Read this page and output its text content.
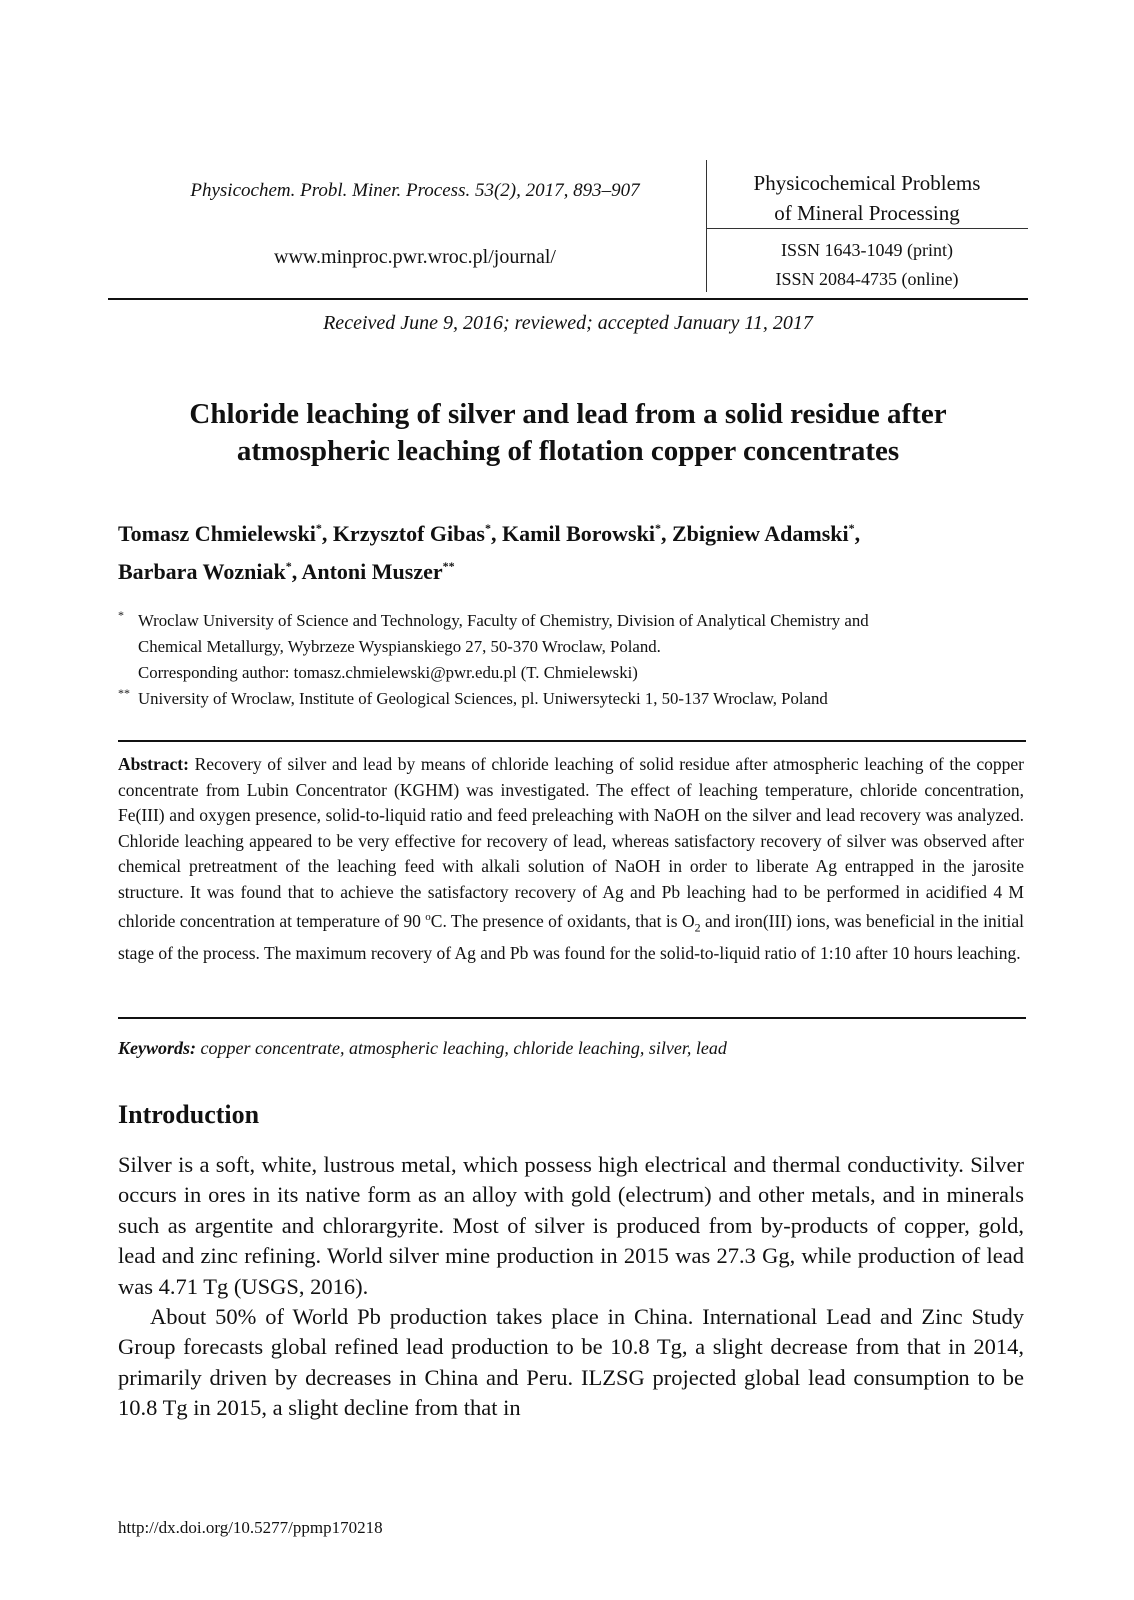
Physicochem. Probl. Miner. Process. 53(2), 2017, 893–907
www.minproc.pwr.wroc.pl/journal/
Physicochemical Problems
of Mineral Processing
ISSN 1643-1049 (print)
ISSN 2084-4735 (online)
Received June 9, 2016; reviewed; accepted January 11, 2017
Chloride leaching of silver and lead from a solid residue after
atmospheric leaching of flotation copper concentrates
Tomasz Chmielewski*, Krzysztof Gibas*, Kamil Borowski*, Zbigniew Adamski*,
Barbara Wozniak*, Antoni Muszer**
* Wroclaw University of Science and Technology, Faculty of Chemistry, Division of Analytical Chemistry and
Chemical Metallurgy, Wybrzeze Wyspianskiego 27, 50-370 Wroclaw, Poland.
Corresponding author: tomasz.chmielewski@pwr.edu.pl (T. Chmielewski)
** University of Wroclaw, Institute of Geological Sciences, pl. Uniwersytecki 1, 50-137 Wroclaw, Poland
Abstract: Recovery of silver and lead by means of chloride leaching of solid residue after atmospheric leaching of the copper concentrate from Lubin Concentrator (KGHM) was investigated. The effect of leaching temperature, chloride concentration, Fe(III) and oxygen presence, solid-to-liquid ratio and feed preleaching with NaOH on the silver and lead recovery was analyzed. Chloride leaching appeared to be very effective for recovery of lead, whereas satisfactory recovery of silver was observed after chemical pretreatment of the leaching feed with alkali solution of NaOH in order to liberate Ag entrapped in the jarosite structure. It was found that to achieve the satisfactory recovery of Ag and Pb leaching had to be performed in acidified 4 M chloride concentration at temperature of 90 $^o$C. The presence of oxidants, that is $O_2$ and iron(III) ions, was beneficial in the initial stage of the process. The maximum recovery of Ag and Pb was found for the solid-to-liquid ratio of 1:10 after 10 hours leaching.
Keywords: copper concentrate, atmospheric leaching, chloride leaching, silver, lead
Introduction

Silver is a soft, white, lustrous metal, which possess high electrical and thermal conductivity. Silver occurs in ores in its native form as an alloy with gold (electrum) and other metals, and in minerals such as argentite and chlorargyrite. Most of silver is produced from by-products of copper, gold, lead and zinc refining. World silver mine production in 2015 was 27.3 Gg, while production of lead was 4.71 Tg (USGS, 2016).

About 50% of World Pb production takes place in China. International Lead and Zinc Study Group forecasts global refined lead production to be 10.8 Tg, a slight decrease from that in 2014, primarily driven by decreases in China and Peru. ILZSG projected global lead consumption to be 10.8 Tg in 2015, a slight decline from that in

http://dx.doi.org/10.5277/ppmp170218
